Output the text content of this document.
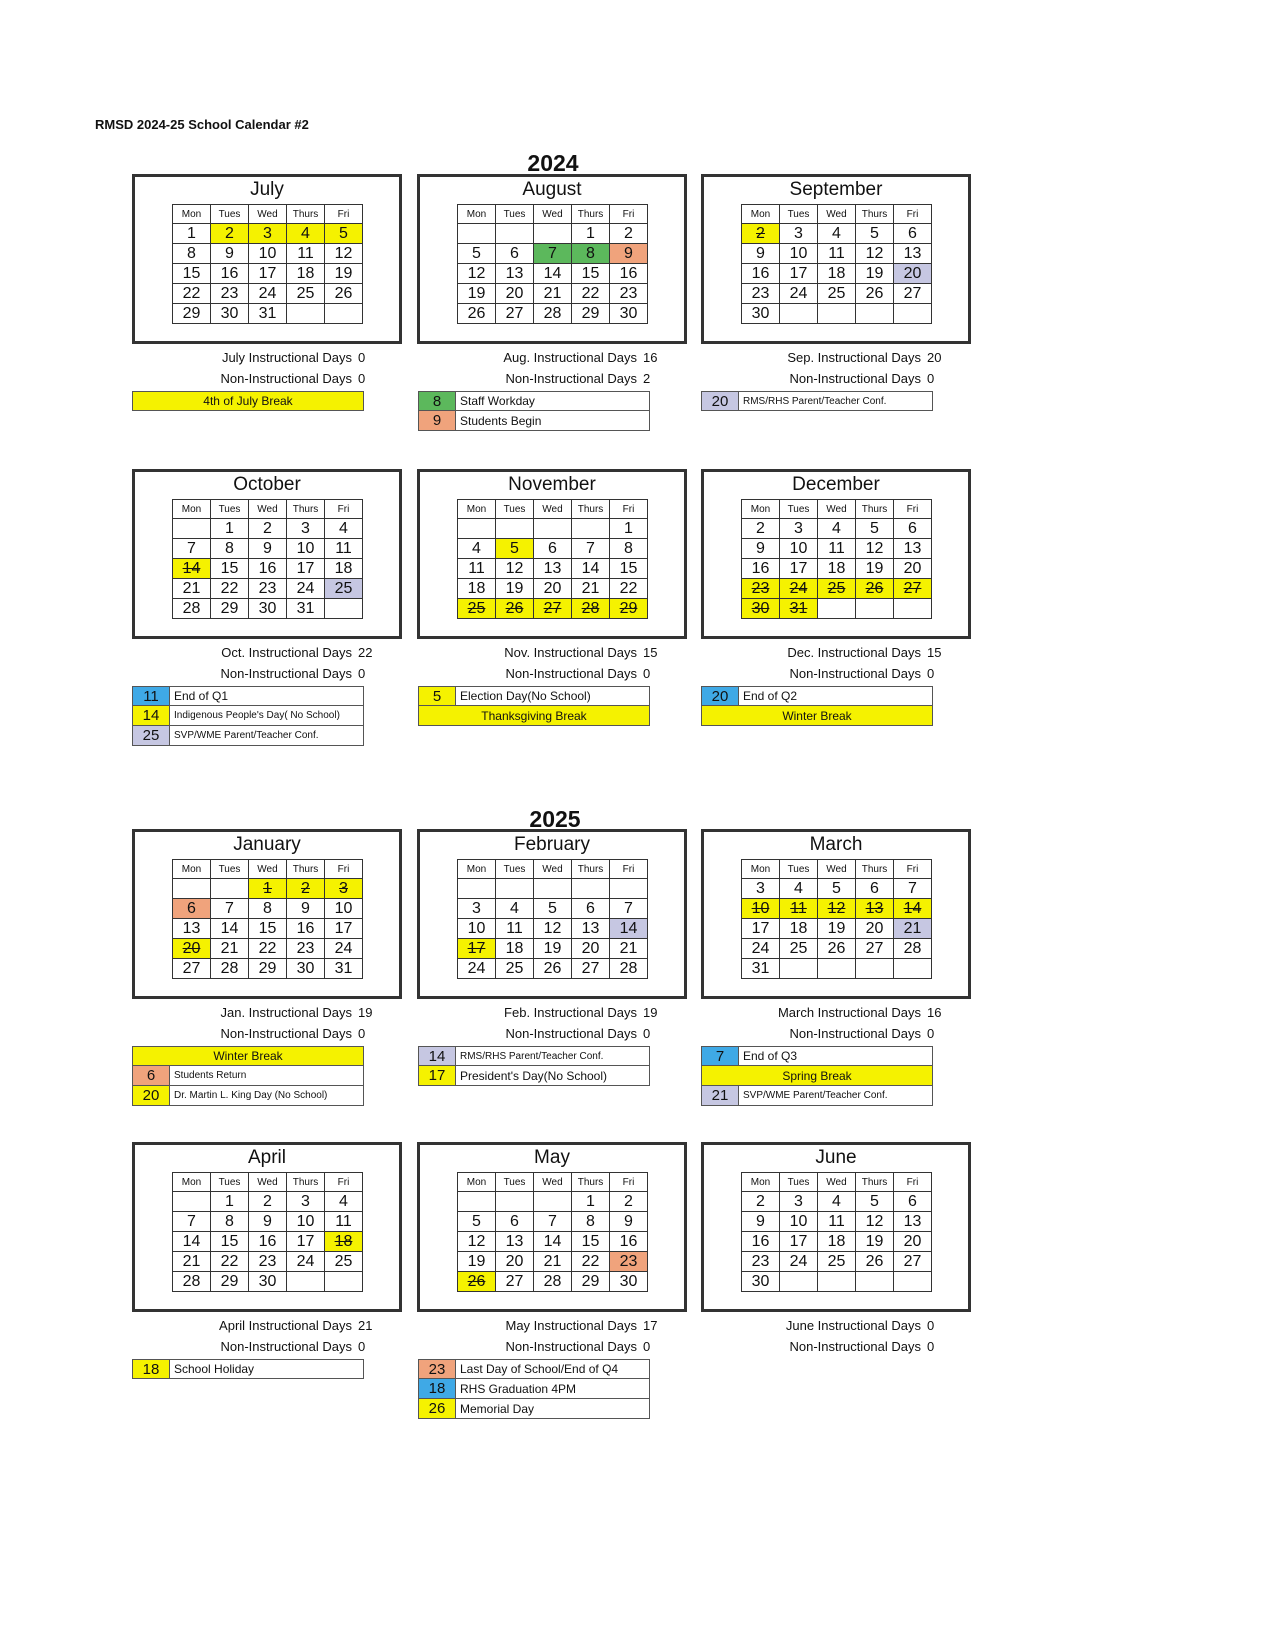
RMSD 2024-25 School Calendar #2
2024
2025
July
Mon	Tues	Wed	Thurs	Fri
1	2	3	4	5
8	9	10	11	12
15	16	17	18	19
22	23	24	25	26
29	30	31		
July Instructional Days 0
Non-Instructional Days 0
4th of July Break
August
Mon	Tues	Wed	Thurs	Fri
			1	2
5	6	7	8	9
12	13	14	15	16
19	20	21	22	23
26	27	28	29	30
Aug. Instructional Days 16
Non-Instructional Days 2
8	Staff Workday
9	Students Begin
September
Mon	Tues	Wed	Thurs	Fri
2	3	4	5	6
9	10	11	12	13
16	17	18	19	20
23	24	25	26	27
30				
Sep. Instructional Days 20
Non-Instructional Days 0
20	RMS/RHS Parent/Teacher Conf.
October
Mon	Tues	Wed	Thurs	Fri
	1	2	3	4
7	8	9	10	11
14	15	16	17	18
21	22	23	24	25
28	29	30	31	
Oct. Instructional Days 22
Non-Instructional Days 0
11	End of Q1
14	Indigenous People's Day( No School)
25	SVP/WME Parent/Teacher Conf.
November
Mon	Tues	Wed	Thurs	Fri
				1
4	5	6	7	8
11	12	13	14	15
18	19	20	21	22
25	26	27	28	29
Nov. Instructional Days 15
Non-Instructional Days 0
5	Election Day(No School)
Thanksgiving Break
December
Mon	Tues	Wed	Thurs	Fri
2	3	4	5	6
9	10	11	12	13
16	17	18	19	20
23	24	25	26	27
30	31			
Dec. Instructional Days 15
Non-Instructional Days 0
20	End of Q2
Winter Break
January
Mon	Tues	Wed	Thurs	Fri
		1	2	3
6	7	8	9	10
13	14	15	16	17
20	21	22	23	24
27	28	29	30	31
Jan. Instructional Days 19
Non-Instructional Days 0
Winter Break
6	Students Return
20	Dr. Martin L. King Day (No School)
February
Mon	Tues	Wed	Thurs	Fri

3	4	5	6	7
10	11	12	13	14
17	18	19	20	21
24	25	26	27	28
Feb. Instructional Days 19
Non-Instructional Days 0
14	RMS/RHS Parent/Teacher Conf.
17	President's Day(No School)
March
Mon	Tues	Wed	Thurs	Fri
3	4	5	6	7
10	11	12	13	14
17	18	19	20	21
24	25	26	27	28
31				
March Instructional Days 16
Non-Instructional Days 0
7	End of Q3
Spring Break
21	SVP/WME Parent/Teacher Conf.
April
Mon	Tues	Wed	Thurs	Fri
	1	2	3	4
7	8	9	10	11
14	15	16	17	18
21	22	23	24	25
28	29	30		
April Instructional Days 21
Non-Instructional Days 0
18	School Holiday
May
Mon	Tues	Wed	Thurs	Fri
			1	2
5	6	7	8	9
12	13	14	15	16
19	20	21	22	23
26	27	28	29	30
May Instructional Days 17
Non-Instructional Days 0
23	Last Day of School/End of Q4
18	RHS Graduation 4PM
26	Memorial Day
June
Mon	Tues	Wed	Thurs	Fri
2	3	4	5	6
9	10	11	12	13
16	17	18	19	20
23	24	25	26	27
30				
June Instructional Days 0
Non-Instructional Days 0
